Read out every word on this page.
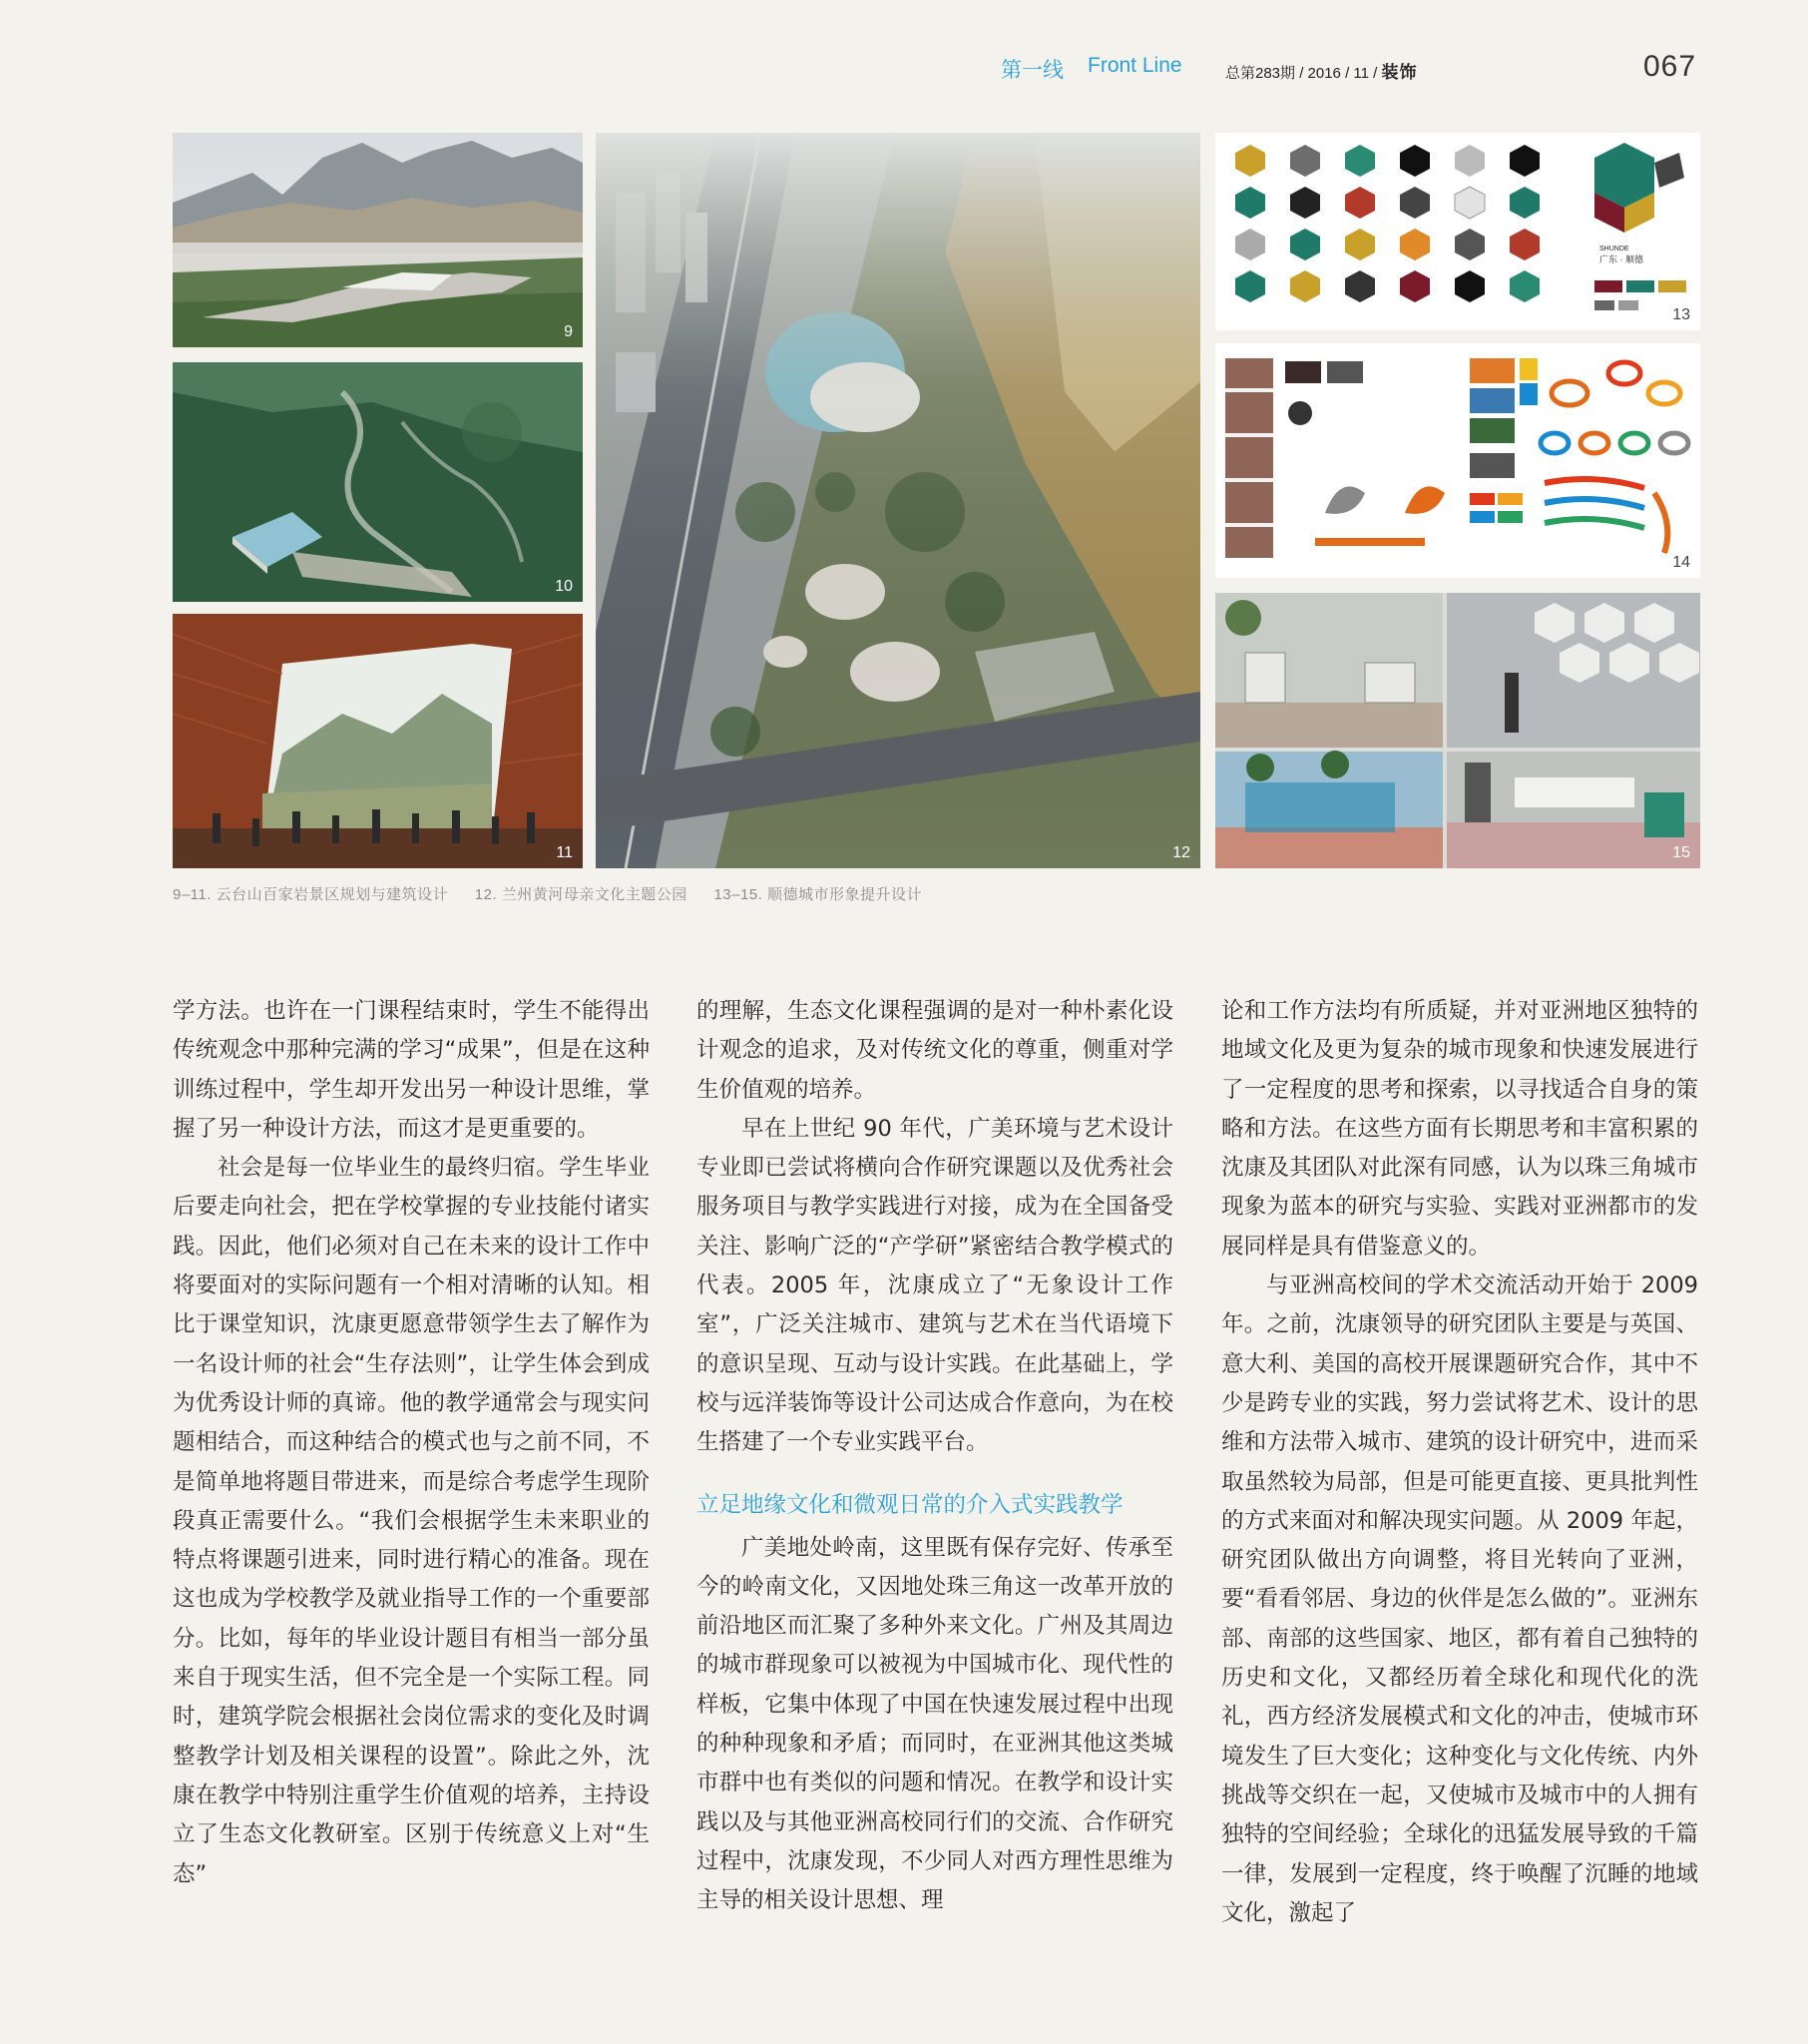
第一线 Front Line	总第283期 / 2016 / 11 / 装饰	067
9
10
11	12
SHUNDE
广东 · 顺德
13
14
15
9–11. 云台山百家岩景区规划与建筑设计 12. 兰州黄河母亲文化主题公园 13–15. 顺德城市形象提升设计

学方法。也许在一门课程结束时，学生不能得出传统观念中那种完满的学习“成果”，但是在这种训练过程中，学生却开发出另一种设计思维，掌握了另一种设计方法，而这才是更重要的。

社会是每一位毕业生的最终归宿。学生毕业后要走向社会，把在学校掌握的专业技能付诸实践。因此，他们必须对自己在未来的设计工作中将要面对的实际问题有一个相对清晰的认知。相比于课堂知识，沈康更愿意带领学生去了解作为一名设计师的社会“生存法则”，让学生体会到成为优秀设计师的真谛。他的教学通常会与现实问题相结合，而这种结合的模式也与之前不同，不是简单地将题目带进来，而是综合考虑学生现阶段真正需要什么。“我们会根据学生未来职业的特点将课题引进来，同时进行精心的准备。现在这也成为学校教学及就业指导工作的一个重要部分。比如，每年的毕业设计题目有相当一部分虽来自于现实生活，但不完全是一个实际工程。同时，建筑学院会根据社会岗位需求的变化及时调整教学计划及相关课程的设置”。除此之外，沈康在教学中特别注重学生价值观的培养，主持设立了生态文化教研室。区别于传统意义上对“生态”

的理解，生态文化课程强调的是对一种朴素化设计观念的追求，及对传统文化的尊重，侧重对学生价值观的培养。

早在上世纪 90 年代，广美环境与艺术设计专业即已尝试将横向合作研究课题以及优秀社会服务项目与教学实践进行对接，成为在全国备受关注、影响广泛的“产学研”紧密结合教学模式的代表。2005 年，沈康成立了“无象设计工作室”，广泛关注城市、建筑与艺术在当代语境下的意识呈现、互动与设计实践。在此基础上，学校与远洋装饰等设计公司达成合作意向，为在校生搭建了一个专业实践平台。

立足地缘文化和微观日常的介入式实践教学

广美地处岭南，这里既有保存完好、传承至今的岭南文化，又因地处珠三角这一改革开放的前沿地区而汇聚了多种外来文化。广州及其周边的城市群现象可以被视为中国城市化、现代性的样板，它集中体现了中国在快速发展过程中出现的种种现象和矛盾；而同时，在亚洲其他这类城市群中也有类似的问题和情况。在教学和设计实践以及与其他亚洲高校同行们的交流、合作研究过程中，沈康发现，不少同人对西方理性思维为主导的相关设计思想、理

论和工作方法均有所质疑，并对亚洲地区独特的地域文化及更为复杂的城市现象和快速发展进行了一定程度的思考和探索，以寻找适合自身的策略和方法。在这些方面有长期思考和丰富积累的沈康及其团队对此深有同感，认为以珠三角城市现象为蓝本的研究与实验、实践对亚洲都市的发展同样是具有借鉴意义的。

与亚洲高校间的学术交流活动开始于 2009 年。之前，沈康领导的研究团队主要是与英国、意大利、美国的高校开展课题研究合作，其中不少是跨专业的实践，努力尝试将艺术、设计的思维和方法带入城市、建筑的设计研究中，进而采取虽然较为局部，但是可能更直接、更具批判性的方式来面对和解决现实问题。从 2009 年起，研究团队做出方向调整，将目光转向了亚洲，要“看看邻居、身边的伙伴是怎么做的”。亚洲东部、南部的这些国家、地区，都有着自己独特的历史和文化，又都经历着全球化和现代化的洗礼，西方经济发展模式和文化的冲击，使城市环境发生了巨大变化；这种变化与文化传统、内外挑战等交织在一起，又使城市及城市中的人拥有独特的空间经验；全球化的迅猛发展导致的千篇一律，发展到一定程度，终于唤醒了沉睡的地域文化，激起了
